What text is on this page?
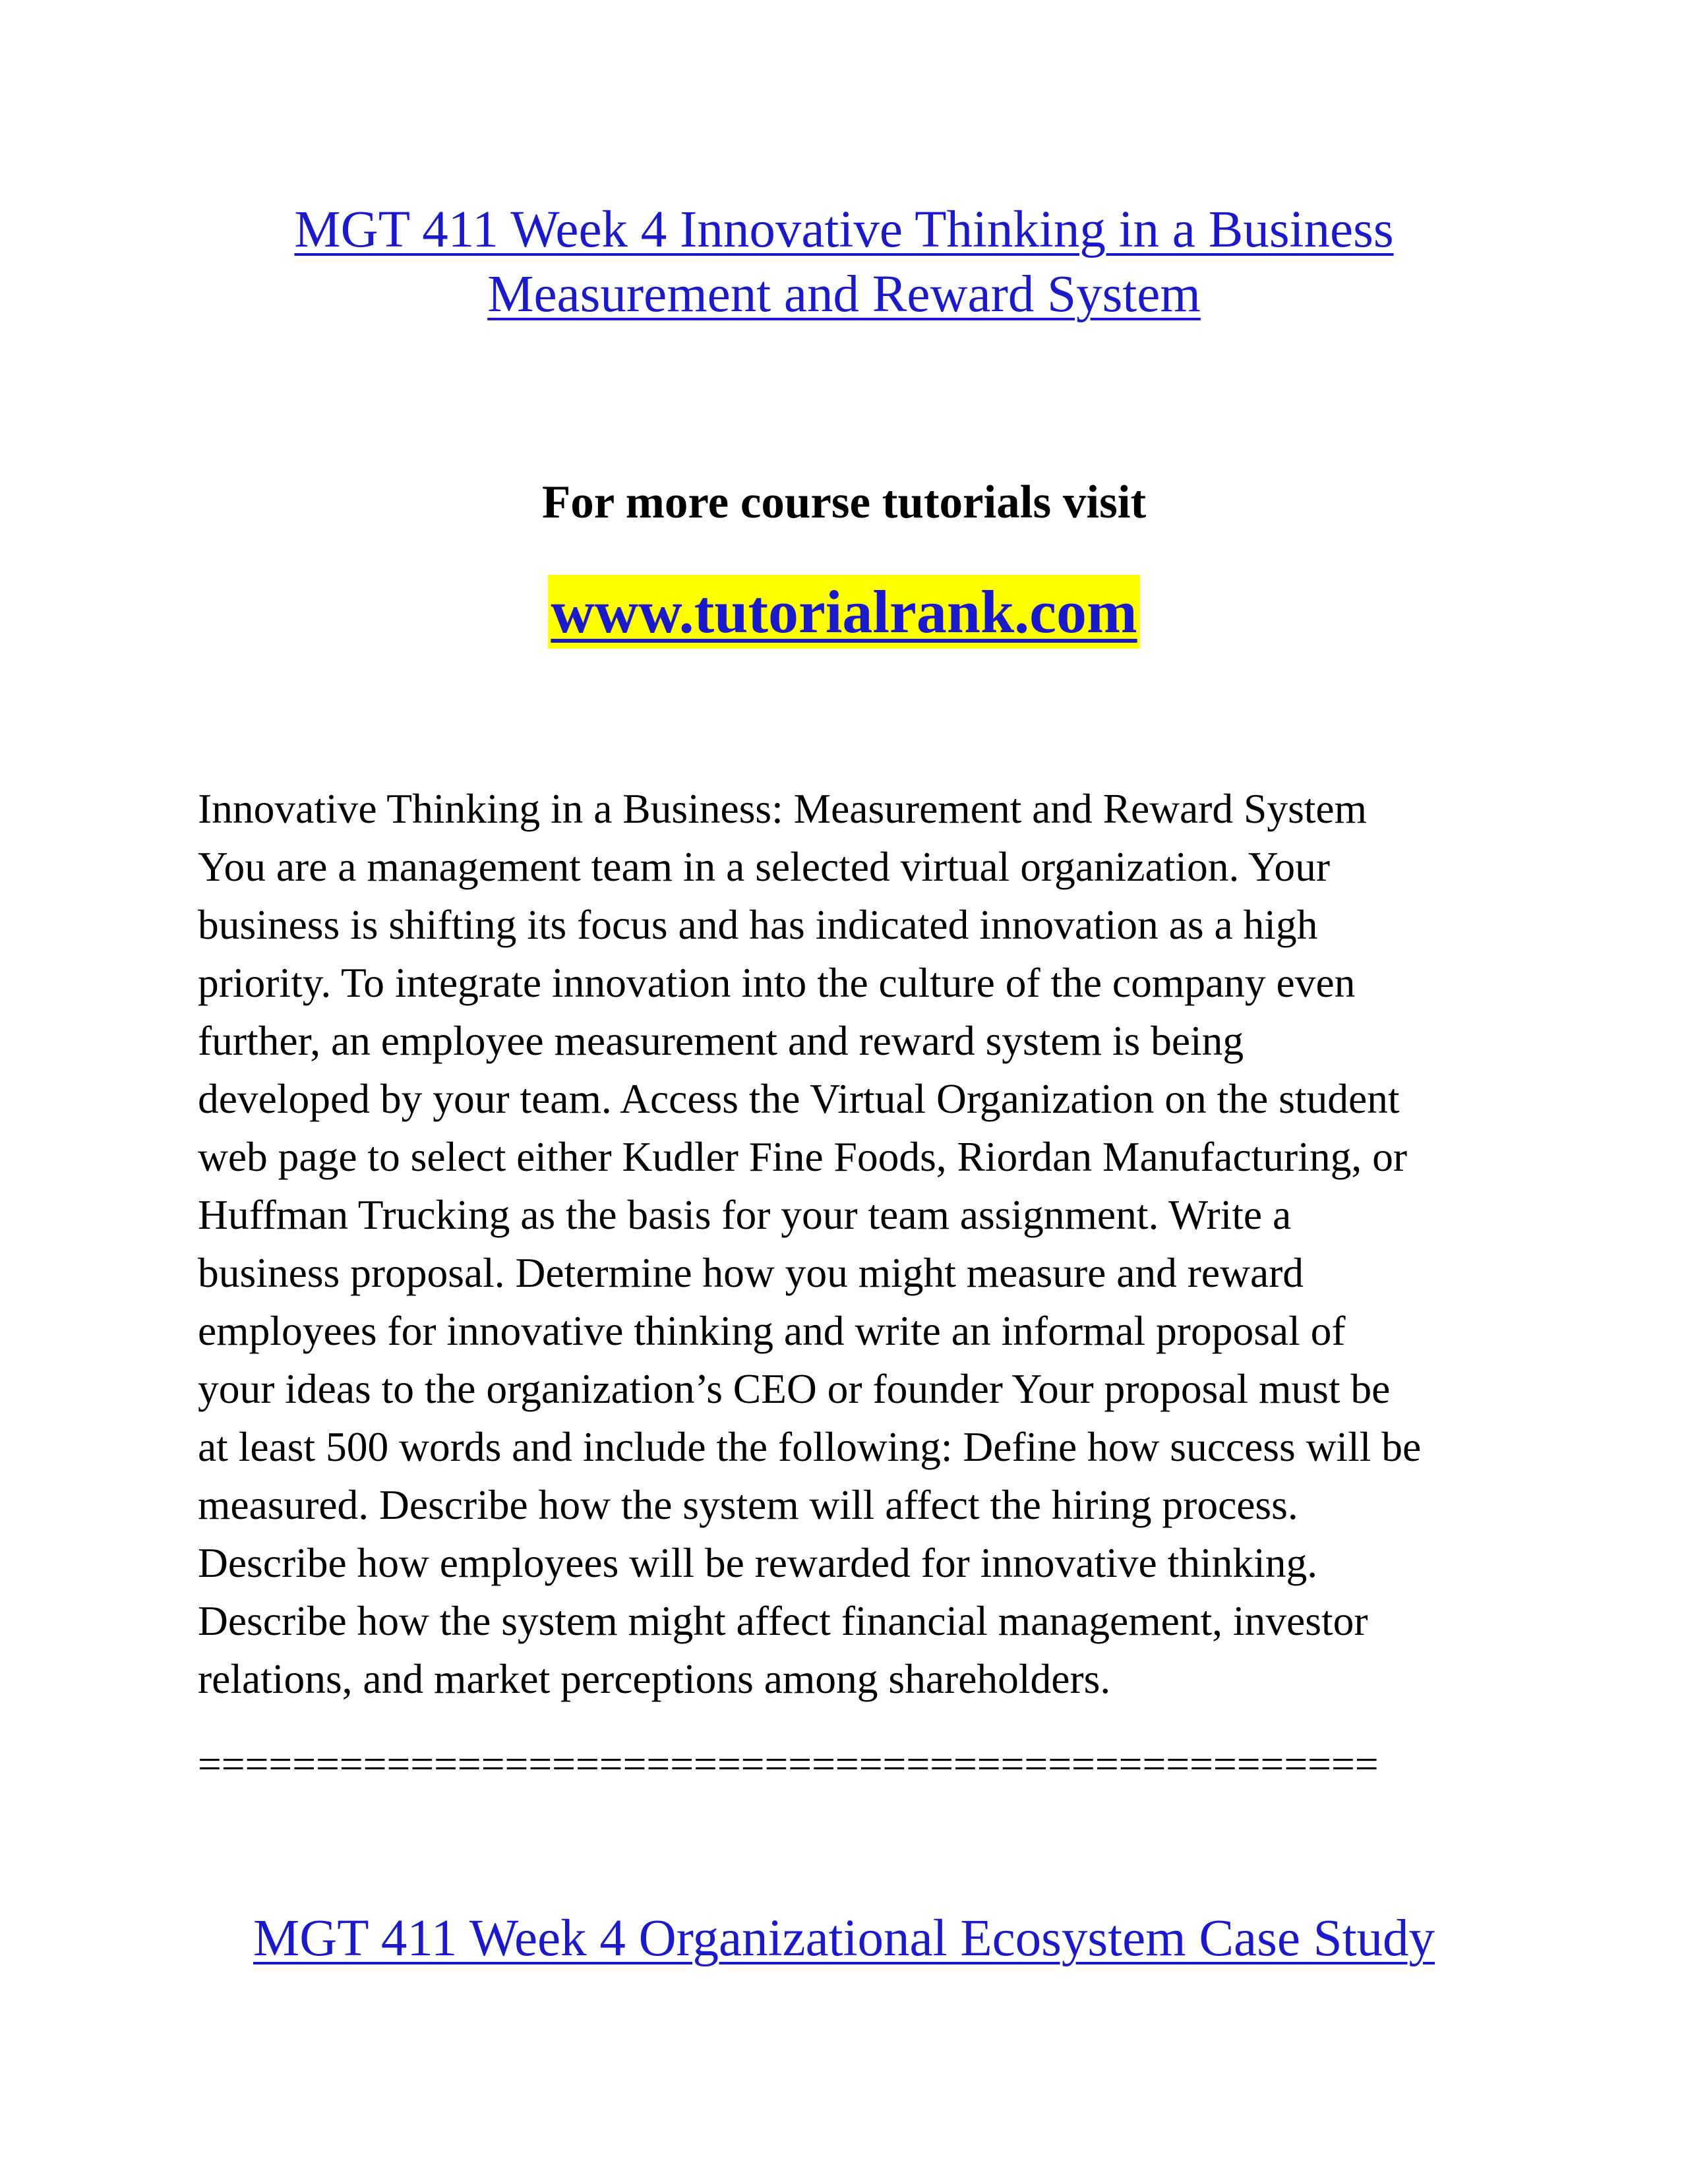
MGT 411 Week 4 Innovative Thinking in a Business
Measurement and Reward System
For more course tutorials visit
www.tutorialrank.com

Innovative Thinking in a Business: Measurement and Reward System
You are a management team in a selected virtual organization. Your
business is shifting its focus and has indicated innovation as a high
priority. To integrate innovation into the culture of the company even
further, an employee measurement and reward system is being
developed by your team. Access the Virtual Organization on the student
web page to select either Kudler Fine Foods, Riordan Manufacturing, or
Huffman Trucking as the basis for your team assignment. Write a
business proposal. Determine how you might measure and reward
employees for innovative thinking and write an informal proposal of
your ideas to the organization’s CEO or founder Your proposal must be
at least 500 words and include the following: Define how success will be
measured. Describe how the system will affect the hiring process.
Describe how employees will be rewarded for innovative thinking.
Describe how the system might affect financial management, investor
relations, and market perceptions among shareholders.

==================================================
MGT 411 Week 4 Organizational Ecosystem Case Study
